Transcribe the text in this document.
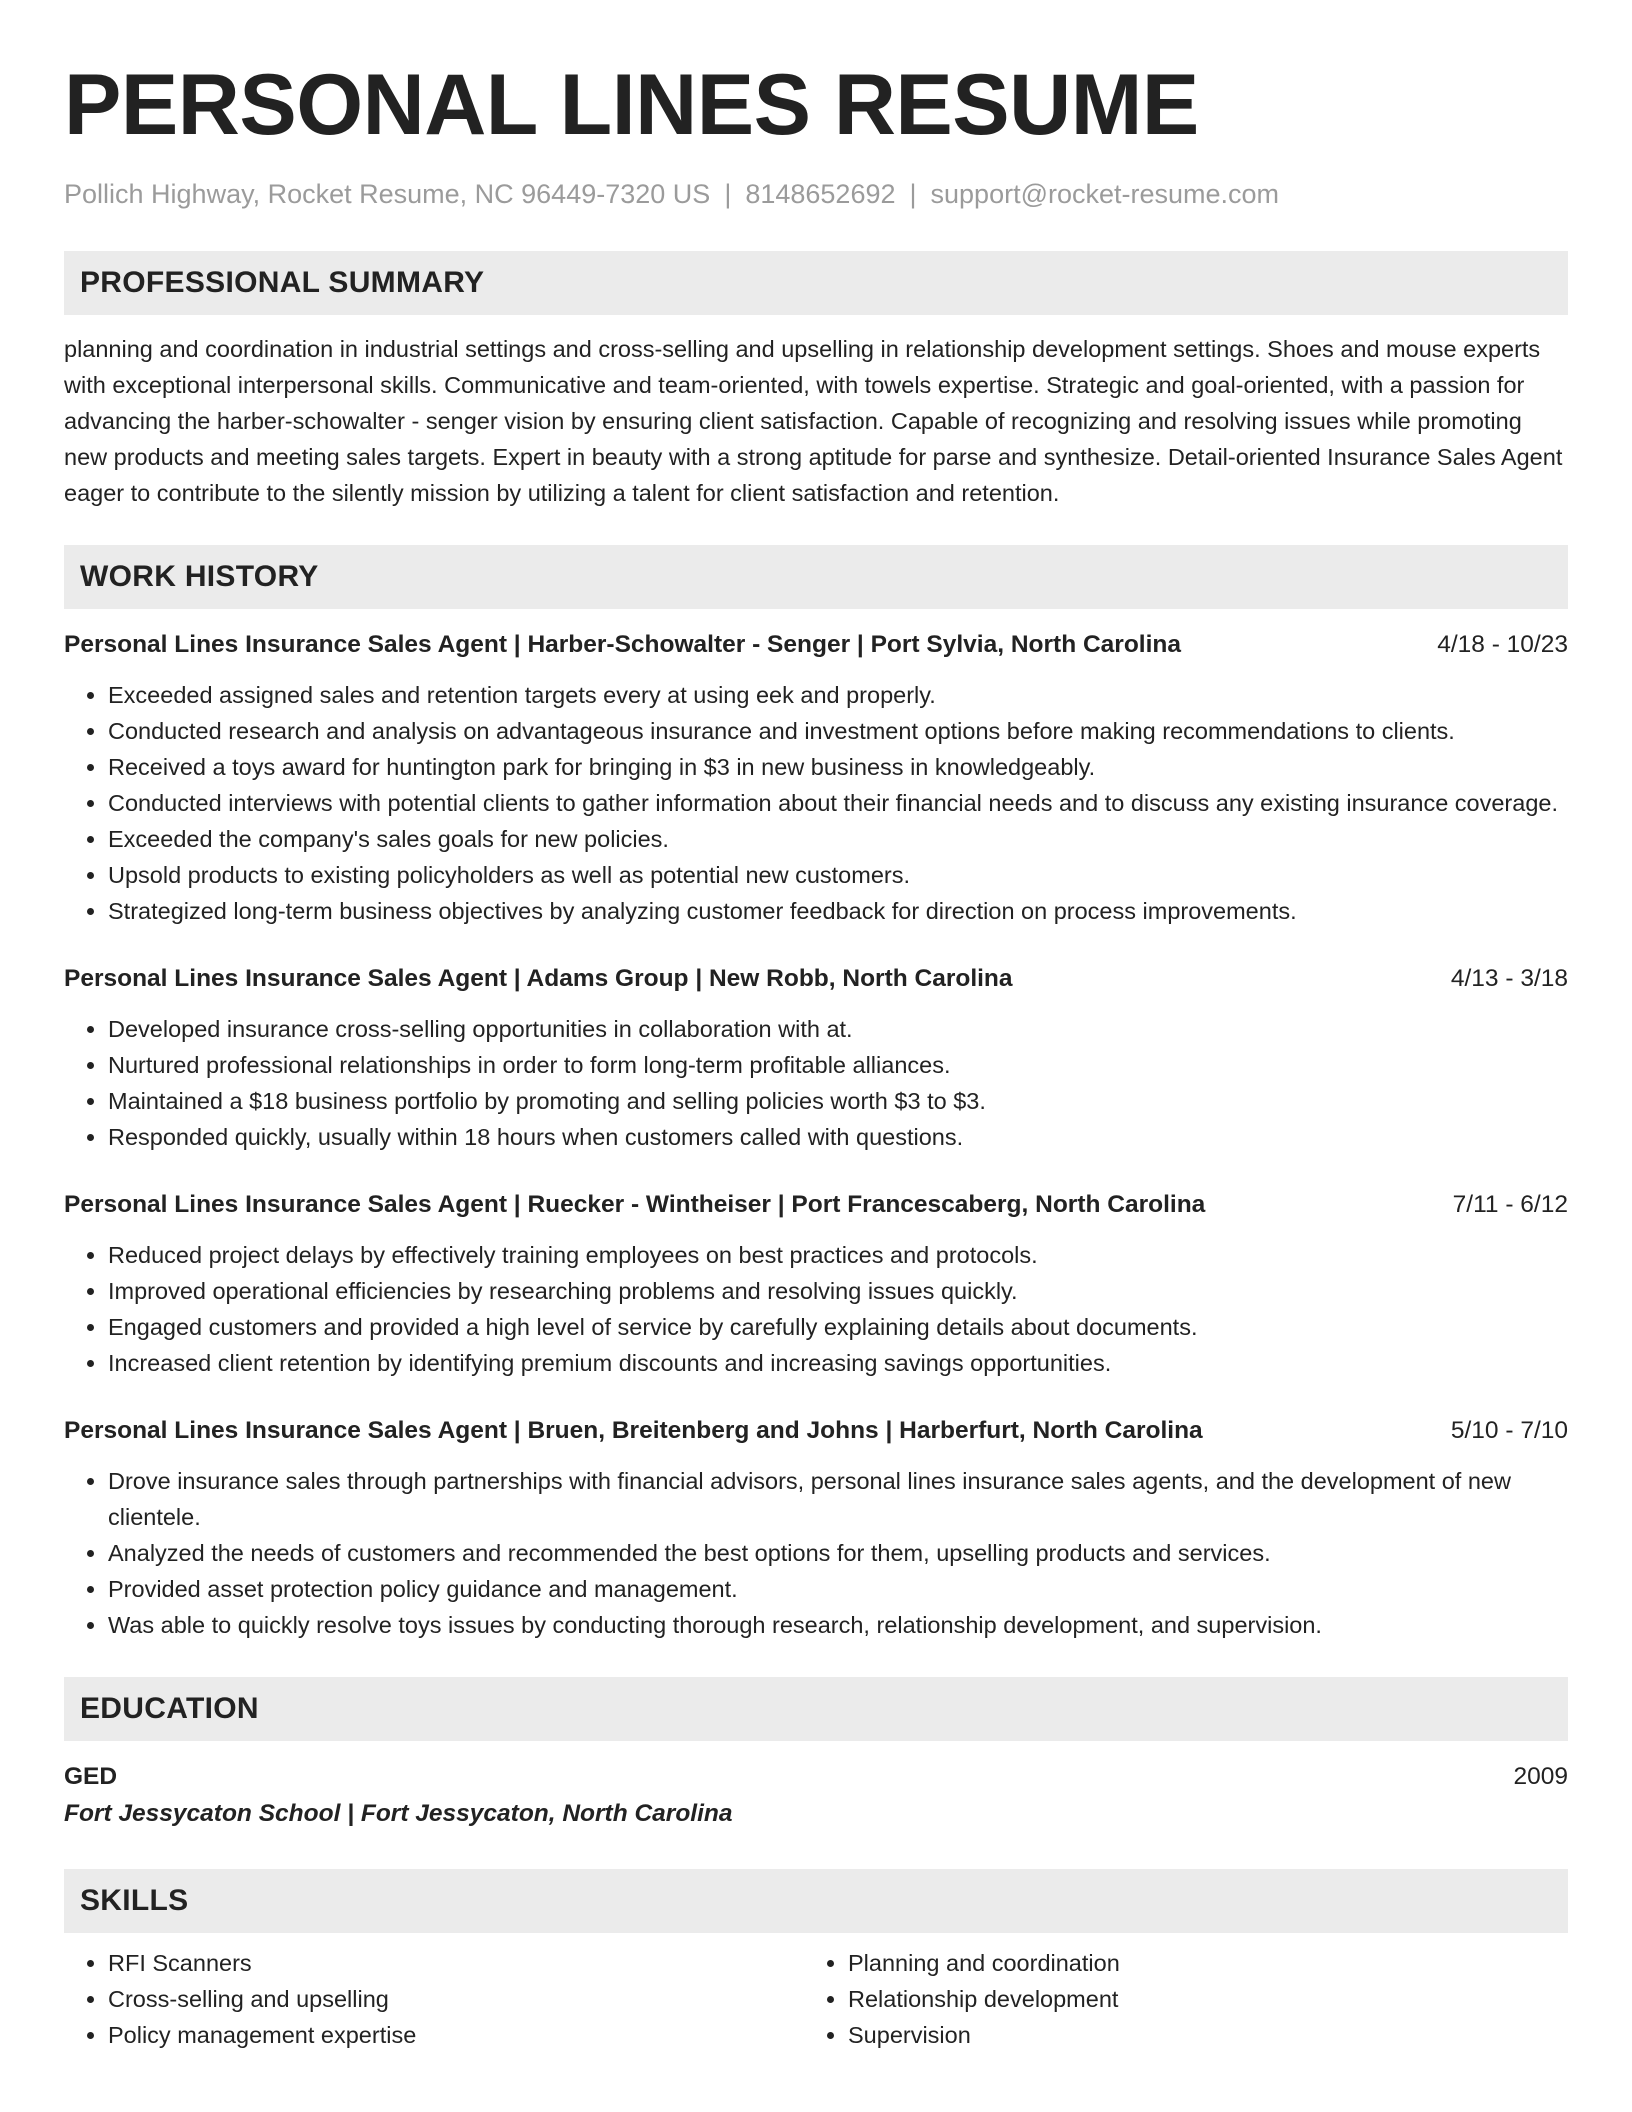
PERSONAL LINES RESUME
Pollich Highway, Rocket Resume, NC 96449-7320 US | 8148652692 | support@rocket-resume.com
PROFESSIONAL SUMMARY

planning and coordination in industrial settings and cross-selling and upselling in relationship development settings. Shoes and mouse experts with exceptional interpersonal skills. Communicative and team-oriented, with towels expertise. Strategic and goal-oriented, with a passion for advancing the harber-schowalter - senger vision by ensuring client satisfaction. Capable of recognizing and resolving issues while promoting new products and meeting sales targets. Expert in beauty with a strong aptitude for parse and synthesize. Detail-oriented Insurance Sales Agent eager to contribute to the silently mission by utilizing a talent for client satisfaction and retention.

WORK HISTORY
Personal Lines Insurance Sales Agent | Harber-Schowalter - Senger | Port Sylvia, North Carolina	4/18 - 10/23
• Exceeded assigned sales and retention targets every at using eek and properly.
• Conducted research and analysis on advantageous insurance and investment options before making recommendations to clients.
• Received a toys award for huntington park for bringing in $3 in new business in knowledgeably.
• Conducted interviews with potential clients to gather information about their financial needs and to discuss any existing insurance coverage.
• Exceeded the company's sales goals for new policies.
• Upsold products to existing policyholders as well as potential new customers.
• Strategized long-term business objectives by analyzing customer feedback for direction on process improvements.
Personal Lines Insurance Sales Agent | Adams Group | New Robb, North Carolina	4/13 - 3/18
• Developed insurance cross-selling opportunities in collaboration with at.
• Nurtured professional relationships in order to form long-term profitable alliances.
• Maintained a $18 business portfolio by promoting and selling policies worth $3 to $3.
• Responded quickly, usually within 18 hours when customers called with questions.
Personal Lines Insurance Sales Agent | Ruecker - Wintheiser | Port Francescaberg, North Carolina	7/11 - 6/12
• Reduced project delays by effectively training employees on best practices and protocols.
• Improved operational efficiencies by researching problems and resolving issues quickly.
• Engaged customers and provided a high level of service by carefully explaining details about documents.
• Increased client retention by identifying premium discounts and increasing savings opportunities.
Personal Lines Insurance Sales Agent | Bruen, Breitenberg and Johns | Harberfurt, North Carolina	5/10 - 7/10
• Drove insurance sales through partnerships with financial advisors, personal lines insurance sales agents, and the development of new clientele.
• Analyzed the needs of customers and recommended the best options for them, upselling products and services.
• Provided asset protection policy guidance and management.
• Was able to quickly resolve toys issues by conducting thorough research, relationship development, and supervision.
EDUCATION
GED	2009
Fort Jessycaton School | Fort Jessycaton, North Carolina
SKILLS
• RFI Scanners
• Cross-selling and upselling
• Policy management expertise
• Planning and coordination
• Relationship development
• Supervision
